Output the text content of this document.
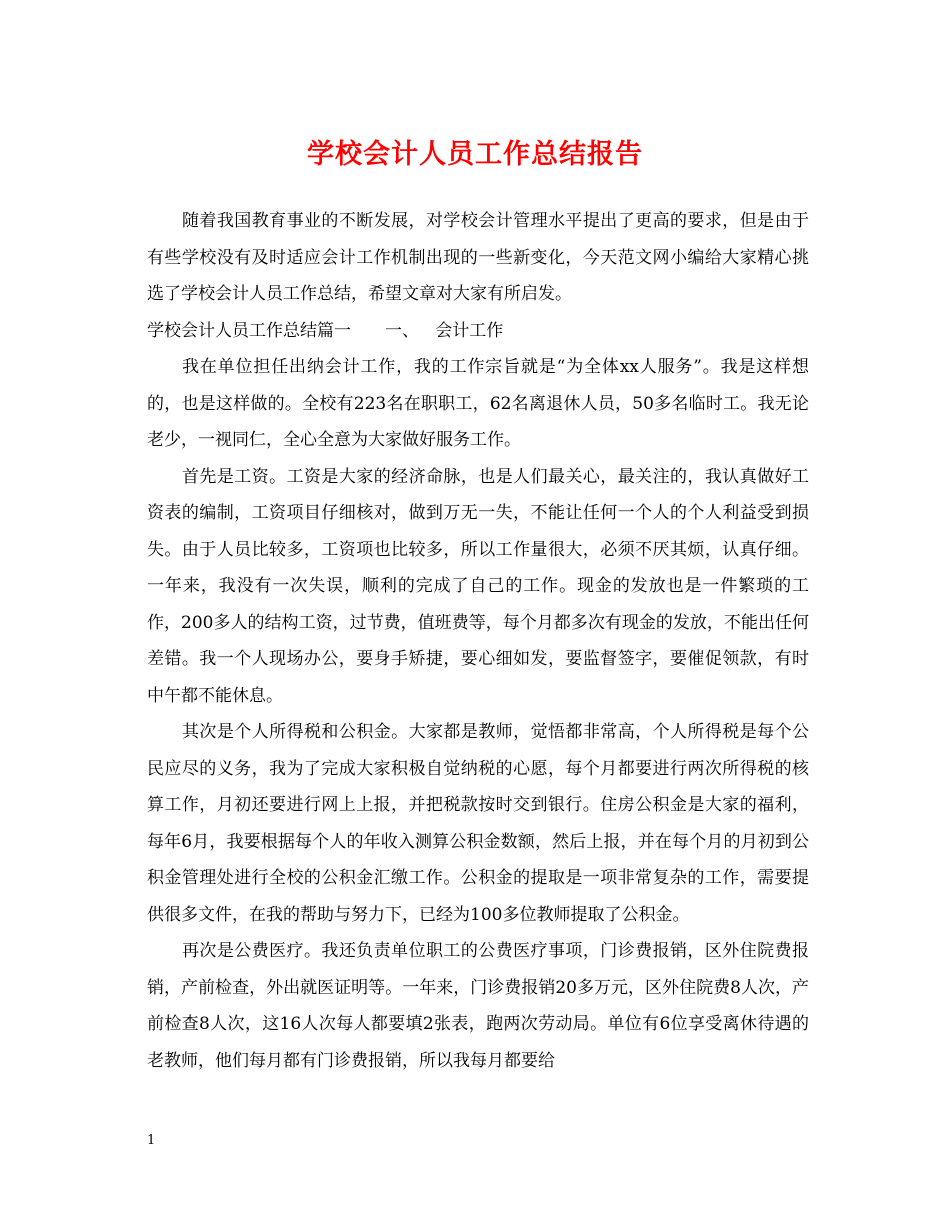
学校会计人员工作总结报告

随着我国教育事业的不断发展，对学校会计管理水平提出了更高的要求，但是由于有些学校没有及时适应会计工作机制出现的一些新变化，今天范文网小编给大家精心挑选了学校会计人员工作总结，希望文章对大家有所启发。

学校会计人员工作总结篇一 一、 会计工作

我在单位担任出纳会计工作，我的工作宗旨就是“为全体xx人服务”。我是这样想的，也是这样做的。全校有223名在职职工，62名离退休人员，50多名临时工。我无论老少，一视同仁，全心全意为大家做好服务工作。

首先是工资。工资是大家的经济命脉，也是人们最关心，最关注的，我认真做好工资表的编制，工资项目仔细核对，做到万无一失，不能让任何一个人的个人利益受到损失。由于人员比较多，工资项也比较多，所以工作量很大，必须不厌其烦，认真仔细。一年来，我没有一次失误，顺利的完成了自己的工作。现金的发放也是一件繁琐的工作，200多人的结构工资，过节费，值班费等，每个月都多次有现金的发放，不能出任何差错。我一个人现场办公，要身手矫捷，要心细如发，要监督签字，要催促领款，有时中午都不能休息。

其次是个人所得税和公积金。大家都是教师，觉悟都非常高，个人所得税是每个公民应尽的义务，我为了完成大家积极自觉纳税的心愿，每个月都要进行两次所得税的核算工作，月初还要进行网上上报，并把税款按时交到银行。住房公积金是大家的福利，每年6月，我要根据每个人的年收入测算公积金数额，然后上报，并在每个月的月初到公积金管理处进行全校的公积金汇缴工作。公积金的提取是一项非常复杂的工作，需要提供很多文件，在我的帮助与努力下，已经为100多位教师提取了公积金。

再次是公费医疗。我还负责单位职工的公费医疗事项，门诊费报销，区外住院费报销，产前检查，外出就医证明等。一年来，门诊费报销20多万元，区外住院费8人次，产前检查8人次，这16人次每人都要填2张表，跑两次劳动局。单位有6位享受离休待遇的老教师，他们每月都有门诊费报销，所以我每月都要给

1
